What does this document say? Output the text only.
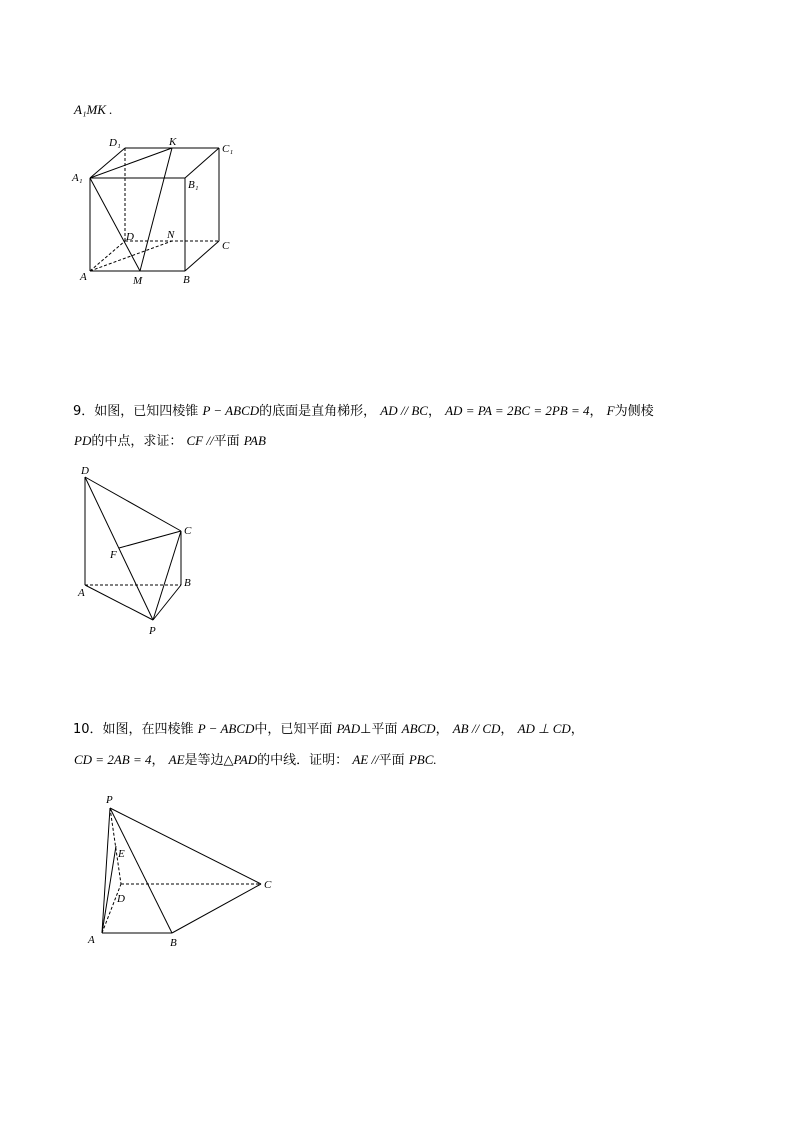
A₁MK .
D₁	K
C₁
A₁
B₁
D	N
C
A	M	B
9．如图，已知四棱锥 P − ABCD的底面是直角梯形， AD // BC， AD = PA = 2BC = 2PB = 4， F为侧棱
PD的中点，求证： CF //平面 PAB
D
C
F
B
A
P
10．如图，在四棱锥 P − ABCD中，已知平面 PAD⊥平面 ABCD， AB // CD， AD ⊥ CD，
CD = 2AB = 4， AE是等边△PAD的中线．证明： AE //平面 PBC.
P
E
D
C
A	B
